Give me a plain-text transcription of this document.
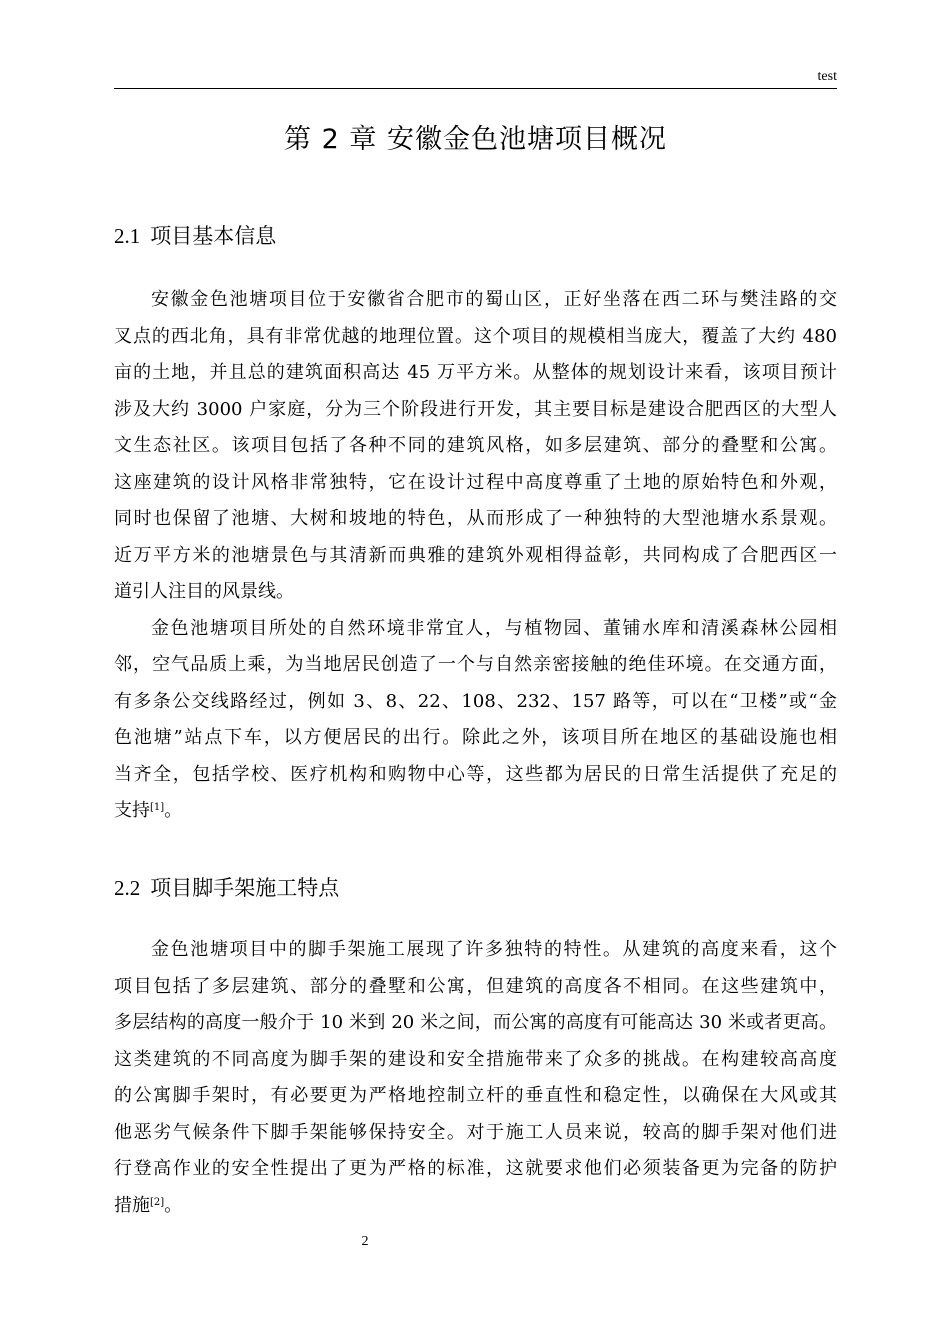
test
第 2 章 安徽金色池塘项目概况
2.1 项目基本信息
安徽金色池塘项目位于安徽省合肥市的蜀山区，正好坐落在西二环与樊洼路的交
叉点的西北角，具有非常优越的地理位置。这个项目的规模相当庞大，覆盖了大约 480
亩的土地，并且总的建筑面积高达 45 万平方米。从整体的规划设计来看，该项目预计
涉及大约 3000 户家庭，分为三个阶段进行开发，其主要目标是建设合肥西区的大型人
文生态社区。该项目包括了各种不同的建筑风格，如多层建筑、部分的叠墅和公寓。
这座建筑的设计风格非常独特，它在设计过程中高度尊重了土地的原始特色和外观，
同时也保留了池塘、大树和坡地的特色，从而形成了一种独特的大型池塘水系景观。
近万平方米的池塘景色与其清新而典雅的建筑外观相得益彰，共同构成了合肥西区一
道引人注目的风景线。
金色池塘项目所处的自然环境非常宜人，与植物园、董铺水库和清溪森林公园相
邻，空气品质上乘，为当地居民创造了一个与自然亲密接触的绝佳环境。在交通方面，
有多条公交线路经过，例如 3、8、22、108、232、157 路等，可以在“卫楼”或“金
色池塘”站点下车，以方便居民的出行。除此之外，该项目所在地区的基础设施也相
当齐全，包括学校、医疗机构和购物中心等，这些都为居民的日常生活提供了充足的
支持[1]。
2.2 项目脚手架施工特点
金色池塘项目中的脚手架施工展现了许多独特的特性。从建筑的高度来看，这个
项目包括了多层建筑、部分的叠墅和公寓，但建筑的高度各不相同。在这些建筑中，
多层结构的高度一般介于 10 米到 20 米之间，而公寓的高度有可能高达 30 米或者更高。
这类建筑的不同高度为脚手架的建设和安全措施带来了众多的挑战。在构建较高高度
的公寓脚手架时，有必要更为严格地控制立杆的垂直性和稳定性，以确保在大风或其
他恶劣气候条件下脚手架能够保持安全。对于施工人员来说，较高的脚手架对他们进
行登高作业的安全性提出了更为严格的标准，这就要求他们必须装备更为完备的防护
措施[2]。
2
